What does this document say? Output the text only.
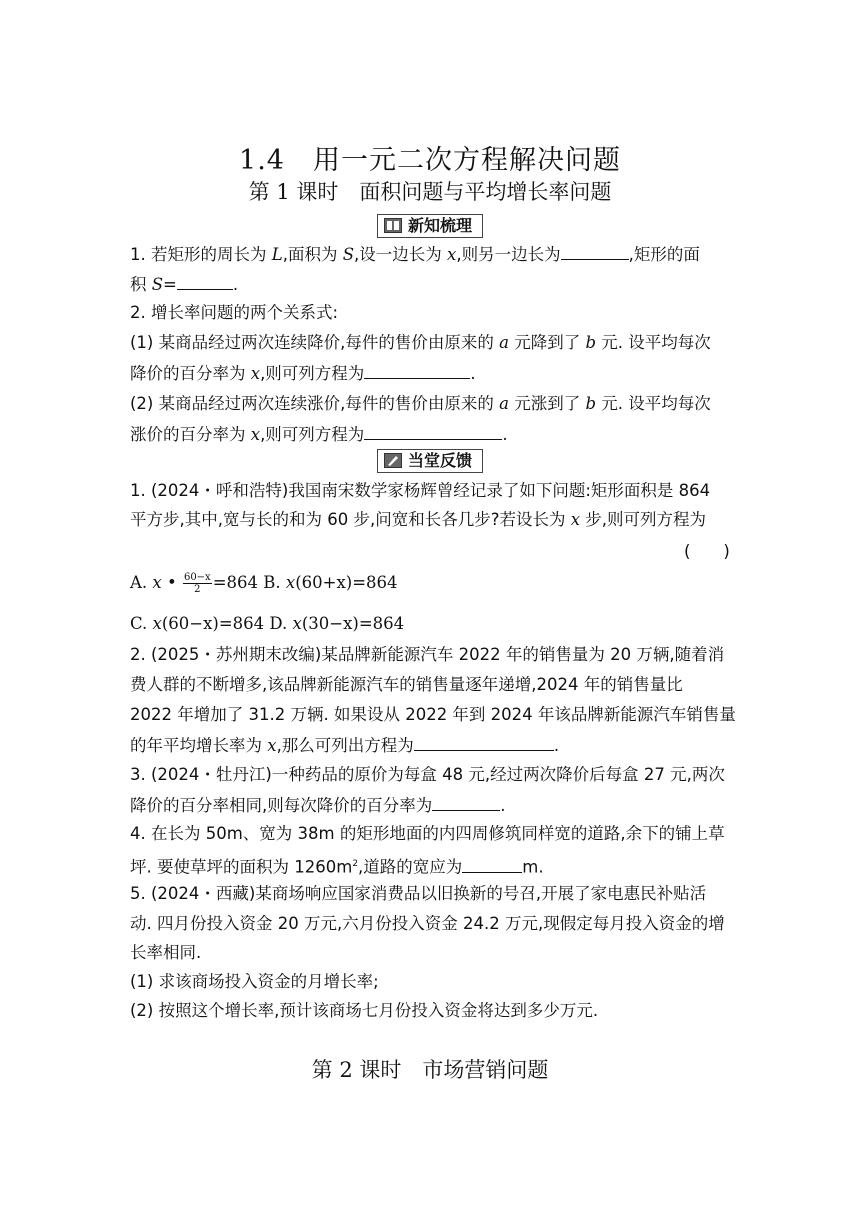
1.4　用一元二次方程解决问题
第 1 课时　面积问题与平均增长率问题
新知梳理
1. 若矩形的周长为 L,面积为 S,设一边长为 x,则另一边长为	,矩形的面
积 S=	.
2. 增长率问题的两个关系式:
(1) 某商品经过两次连续降价,每件的售价由原来的 a 元降到了 b 元. 设平均每次
降价的百分率为 x,则可列方程为	.
(2) 某商品经过两次连续涨价,每件的售价由原来的 a 元涨到了 b 元. 设平均每次
涨价的百分率为 x,则可列方程为	.
当堂反馈
1. (2024・呼和浩特)我国南宋数学家杨辉曾经记录了如下问题:矩形面积是 864
平方步,其中,宽与长的和为 60 步,问宽和长各几步?若设长为 x 步,则可列方程为
(　　)
A. x • $\frac{60-x}{2} =864$ B. x(60+x)=864
C. x(60−x)=864 D. x(30−x)=864
2. (2025・苏州期末改编)某品牌新能源汽车 2022 年的销售量为 20 万辆,随着消
费人群的不断增多,该品牌新能源汽车的销售量逐年递增,2024 年的销售量比
2022 年增加了 31.2 万辆. 如果设从 2022 年到 2024 年该品牌新能源汽车销售量
的年平均增长率为 x,那么可列出方程为	.
3. (2024・牡丹江)一种药品的原价为每盒 48 元,经过两次降价后每盒 27 元,两次
降价的百分率相同,则每次降价的百分率为	.
4. 在长为 50m、宽为 38m 的矩形地面的内四周修筑同样宽的道路,余下的铺上草
坪. 要使草坪的面积为 $1260m^2$,道路的宽应为	m.
5. (2024・西藏)某商场响应国家消费品以旧换新的号召,开展了家电惠民补贴活
动. 四月份投入资金 20 万元,六月份投入资金 24.2 万元,现假定每月投入资金的增
长率相同.
(1) 求该商场投入资金的月增长率;
(2) 按照这个增长率,预计该商场七月份投入资金将达到多少万元.
第 2 课时　市场营销问题
